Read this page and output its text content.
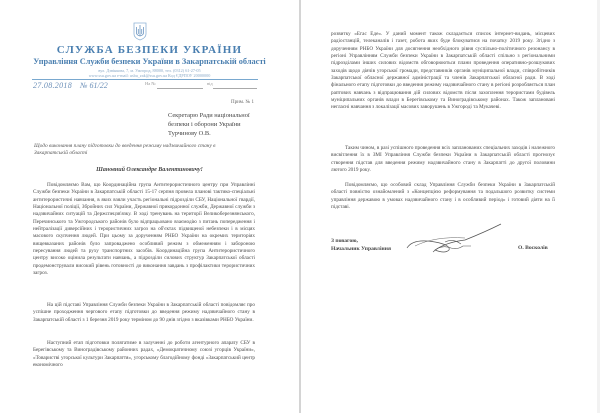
СЛУЖБА БЕЗПЕКИ УКРАЇНИ
Управління Служби безпеки України в Закарпатській області
вул. Дзвінкова, 7, м. Ужгород, 88000, тел. (0312) 61-27-05
www.ssu.gov.ua e-mail: usbu_zak@ssu.gov.ua Код ЄДРПОУ 20000000
27.08.2018 № 61/22	На №	від
Прим. № 1
Секретарю Ради національної
безпеки і оборони України
Турчинову О.В.
Щодо виконання плану підготовки до введення режиму надзвичайного стану в Закарпатській області
Шановний Олександре Валентиновичу!

Повідомляємо Вам, що Координаційна група Антитерористичного центру при Управлінні Служби безпеки України в Закарпатській області 15-17 серпня провела планові тактико-спеціальні антитерористичні навчання, в яких взяли участь регіональні підрозділи СБУ, Національної гвардії, Національної поліції, Збройних сил України, Державної прикордонної служби, Державної служби з надзвичайних ситуацій та Держспецзв'язку. В ході тренувань на території Великоберезнянського, Перечинського та Ужгородського районів було відпрацьовано взаємодію з питань попередження і нейтралізації диверсійних і терористичних загроз на об'єктах підвищеної небезпеки і в місцях масового скупчення людей. При цьому за дорученням РНБО України на окремих територіях вищевказаних районів було запроваджено особливий режим з обмеженням і забороною пересування людей та руху транспортних засобів. Координаційна група Антитерористичного центру високо оцінила результати навчань, а підрозділи силових структур Закарпатської області продемонстрували високий рівень готовності до виконання завдань з профілактики терористичних загроз.

На цій підставі Управління Служби безпеки України в Закарпатській області повідомляє про успішне проходження чергового етапу підготовки до введення режиму надзвичайного стану в Закарпатській області з 1 березня 2019 року терміном до 90 днів згідно з вказівками РНБО України.

Наступний етап підготовки полягатиме в залученні до роботи агентурного апарату СБУ в Берегівському та Виноградівському районних радах, «Демократичному союзі угорців України», «Товаристві угорської культури Закарпаття», угорському благодійному фонді «Закарпатський центр економічного

розвитку «Егас Еде». У даний момент також складається список інтернет-видань, місцевих радіостанцій, телеканалів і газет, робота яких буде блокуватися на початку 2019 року. Згідно з дорученням РНБО України для досягнення необхідного рівня суспільно-політичного резонансу в регіоні Управлінням Служби безпеки України в Закарпатській області спільно з регіональними підрозділами інших силових відомств обговорюються плани проведення оперативно-розшукових заходів щодо діячів угорської громади, представників органів муніципальної влади, співробітників Закарпатської обласної державної адміністрації та членів Закарпатської обласної ради. В ході фінального етапу підготовки до введення режиму надзвичайного стану в регіоні розробляється план раптових навчань з відпрацювання дій силових відомств після захоплення терористами будівель муніципальних органів влади в Берегівському та Виноградівському районах. Також заплановані негласні навчання з локалізації масових заворушень в Ужгороді та Мукачеві.

Таким чином, в разі успішного проведення всіх запланованих спеціальних заходів і належного висвітлення їх в ЗМІ Управління Служби безпеки України в Закарпатській області прогнозує створення підстав для введення режиму надзвичайного стану в Закарпатті до другої половини лютого 2019 року.

Повідомляємо, що особовий склад Управління Служби безпеки України в Закарпатській області повністю ознайомлений з «Концепцією реформування та подальшого розвитку системи управління державою в умовах надзвичайного стану і в особливий період» і готовий діяти на її підставі.

З повагою,
Начальник Управління	О. Восколів
